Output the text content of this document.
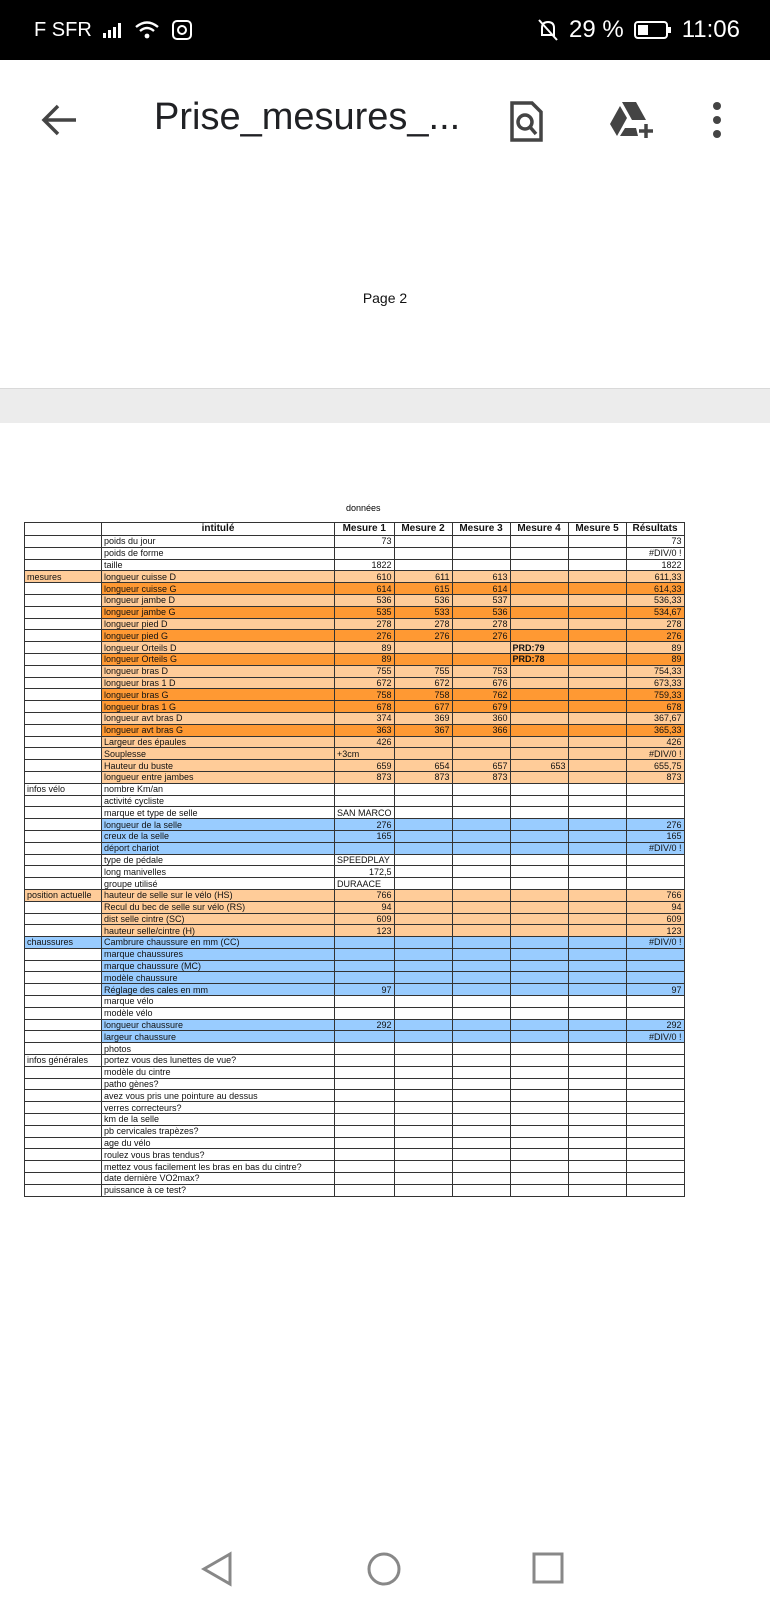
F SFR	29 % 11:06
Prise_mesures_...
Page 2
données
	intitulé	Mesure 1	Mesure 2	Mesure 3	Mesure 4	Mesure 5	Résultats
	poids du jour	73					73
	poids de forme						#DIV/0 !
	taille	1822					1822
mesures	longueur cuisse D	610	611	613			611,33
	longueur cuisse G	614	615	614			614,33
	longueur jambe D	536	536	537			536,33
	longueur jambe G	535	533	536			534,67
	longueur pied D	278	278	278			278
	longueur pied G	276	276	276			276
	longueur Orteils D	89			PRD:79		89
	longueur Orteils G	89			PRD:78		89
	longueur bras D	755	755	753			754,33
	longueur bras 1 D	672	672	676			673,33
	longueur bras G	758	758	762			759,33
	longueur bras 1 G	678	677	679			678
	longueur avt bras D	374	369	360			367,67
	longueur avt bras G	363	367	366			365,33
	Largeur des épaules	426					426
	Souplesse	+3cm					#DIV/0 !
	Hauteur du buste	659	654	657	653		655,75
	longueur entre jambes	873	873	873			873
infos vélo	nombre Km/an						
	activité cycliste						
	marque et type de selle	SAN MARCO					
	longueur de la selle	276					276
	creux de la selle	165					165
	déport chariot						#DIV/0 !
	type de pédale	SPEEDPLAY					
	long manivelles	172,5					
	groupe utilisé	DURAACE					
position actuelle	hauteur de selle sur le vélo (HS)	766					766
	Recul du bec de selle sur vélo (RS)	94					94
	dist selle cintre (SC)	609					609
	hauteur selle/cintre (H)	123					123
chaussures	Cambrure chaussure en mm (CC)						#DIV/0 !
	marque chaussures						
	marque chaussure (MC)						
	modèle chaussure						
	Réglage des cales en mm	97					97
	marque vélo						
	modèle vélo						
	longueur chaussure	292					292
	largeur chaussure						#DIV/0 !
	photos						
infos générales	portez vous des lunettes de vue?						
	modèle du cintre						
	patho gènes?						
	avez vous pris une pointure au dessus						
	verres correcteurs?						
	km de la selle						
	pb cervicales trapèzes?						
	age du vélo						
	roulez vous bras tendus?						
	mettez vous facilement les bras en bas du cintre?						
	date dernière VO2max?						
	puissance à ce test?						
